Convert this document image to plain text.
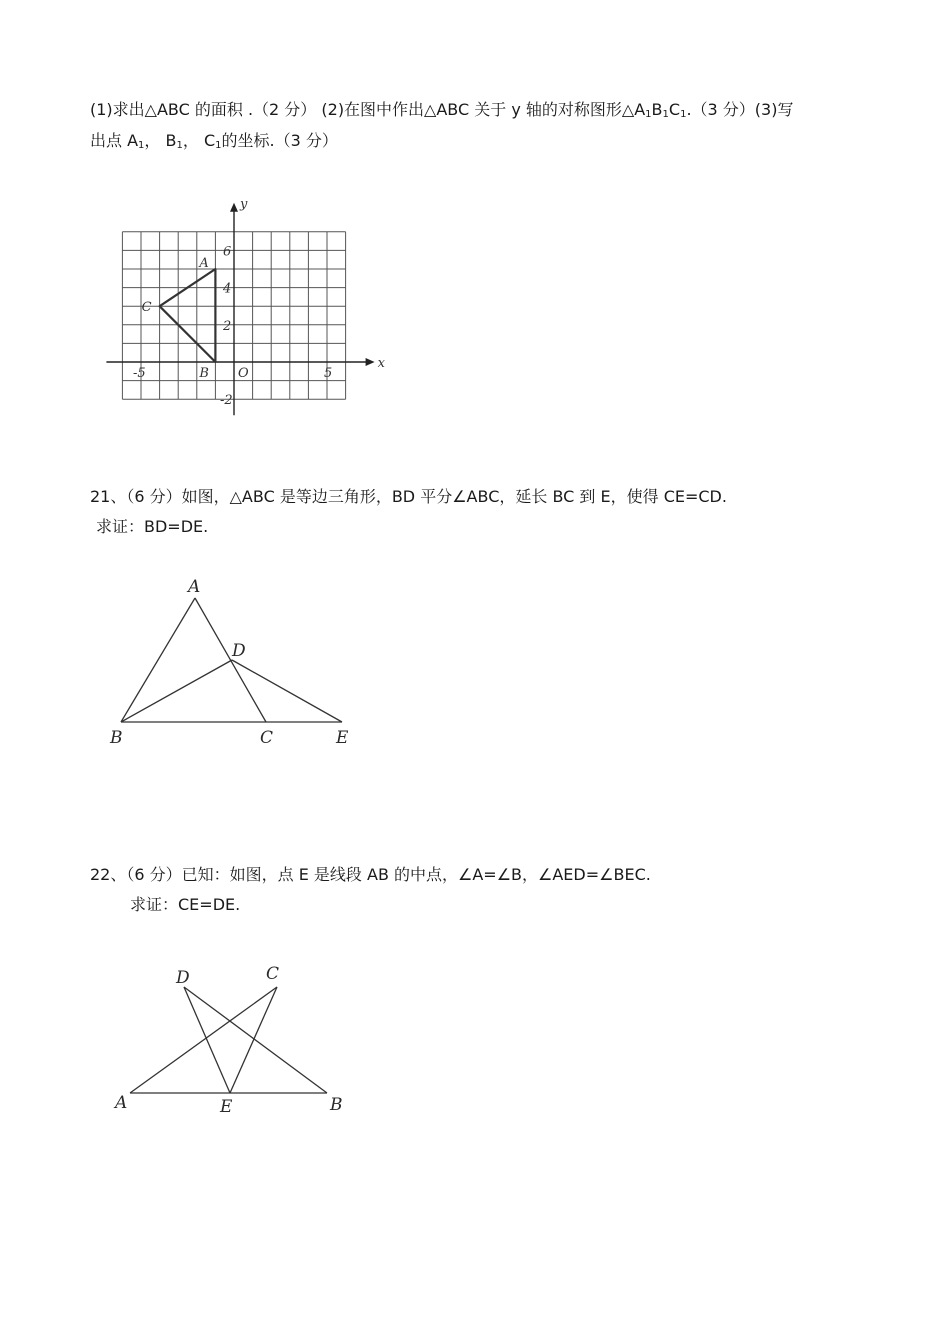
(1)求出△ABC 的面积 .（2 分） (2)在图中作出△ABC 关于 y 轴的对称图形$\triangle A_1B_1C_1.(3$ 分）(3)写
出点 $A_1$， $B_1$， $C_1$的坐标.（3 分）
x
y
O
-5	5
6
4
2
-2
A
B
C
21、（6 分）如图，△ABC 是等边三角形，BD 平分∠ABC，延长 BC 到 E，使得 CE=CD.
求证：BD=DE.
A
D
B	C	E
22、（6 分）已知：如图，点 E 是线段 AB 的中点，∠A=∠B，∠AED=∠BEC.
求证：CE=DE.
D	C
A	E	B
